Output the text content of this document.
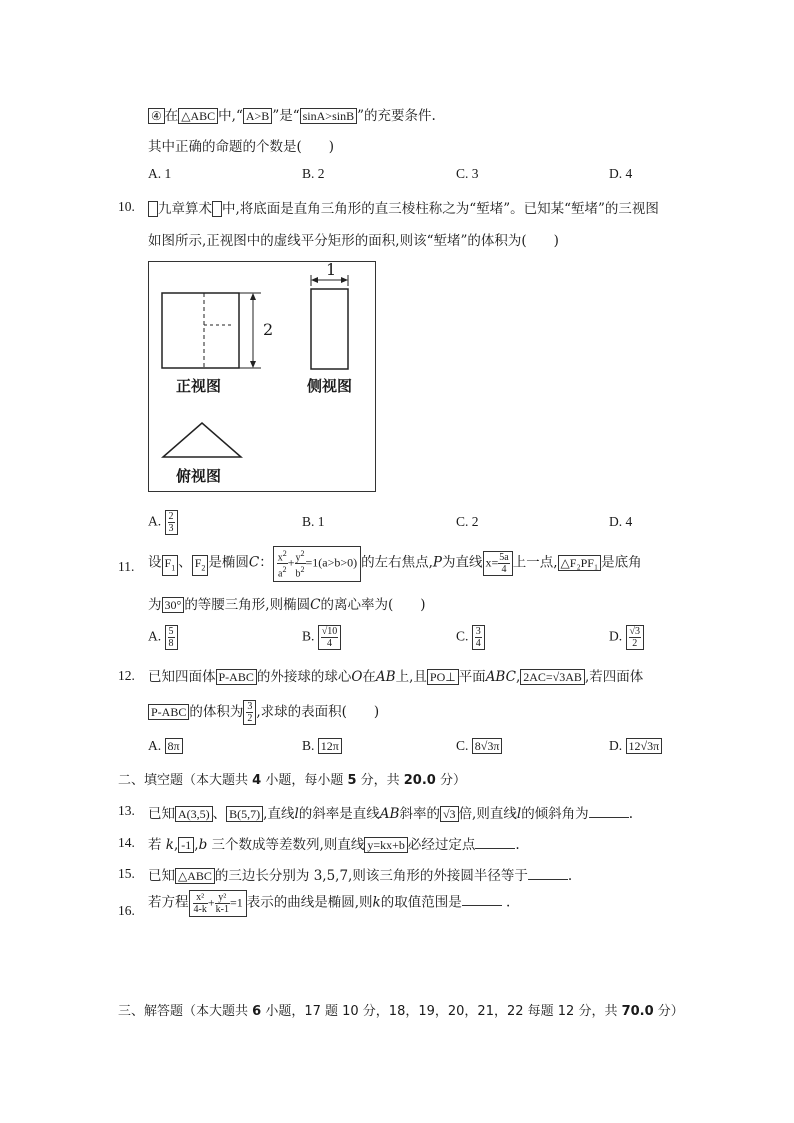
④ 在 △ABC 中,“ A>B ”是“ sinA>sinB ”的充要条件.
其中正确的命题的个数是(　　)
A. 1	B. 2	C. 3	D. 4
10.	九章算术 中,将底面是直角三角形的直三棱柱称之为“堑堵”。已知某“堑堵”的三视图
如图所示,正视图中的虚线平分矩形的面积,则该“堑堵”的体积为(　　)
2
1
正视图	侧视图
俯视图
A. $\frac{2}{3}$	B. 1	C. 2	D. 4
11. 设 $F_1$ 、 $F_2$ 是椭圆C： $\frac{x^2}{a^2} + \frac{y^2}{b^2} =1(a>b>0)$ 的左右焦点,P为直线 $x= \frac{5a}{4}$ 上一点, △F₂PF₁ 是底角
为 30° 的等腰三角形,则椭圆C的离心率为(　　)
A. $\frac{5}{8}$	B. $\frac{√10}{4}$	C. $\frac{3}{4}$	D. $\frac{√3}{2}$
12. 已知四面体 P-ABC 的外接球的球心O在AB上,且 PO⊥ 平面ABC, 2AC=√3AB ,若四面体
P-ABC 的体积为 $\frac{3}{2}$ ,求球的表面积(　　)
A. 8π	B. 12π	C. 8√3π	D. 12√3π
二、填空题（本大题共 4 小题，每小题 5 分，共 20.0 分）
13. 已知 A(3,5) 、 B(5,7) ,直线l的斜率是直线AB斜率的 √3 倍,则直线l的倾斜角为	.
14. 若 k, -1 ,b 三个数成等差数列,则直线 y=kx+b 必经过定点	.
15. 已知 △ABC 的三边长分别为 3,5,7,则该三角形的外接圆半径等于	.
16.
若方程 $\frac{\text{x²}}{4-k} + \frac{\text{y²}}{k-1} =1$ 表示的曲线是椭圆,则k的取值范围是	.
三、解答题（本大题共 6 小题，17 题 10 分，18，19，20，21，22 每题 12 分，共 70.0 分）
